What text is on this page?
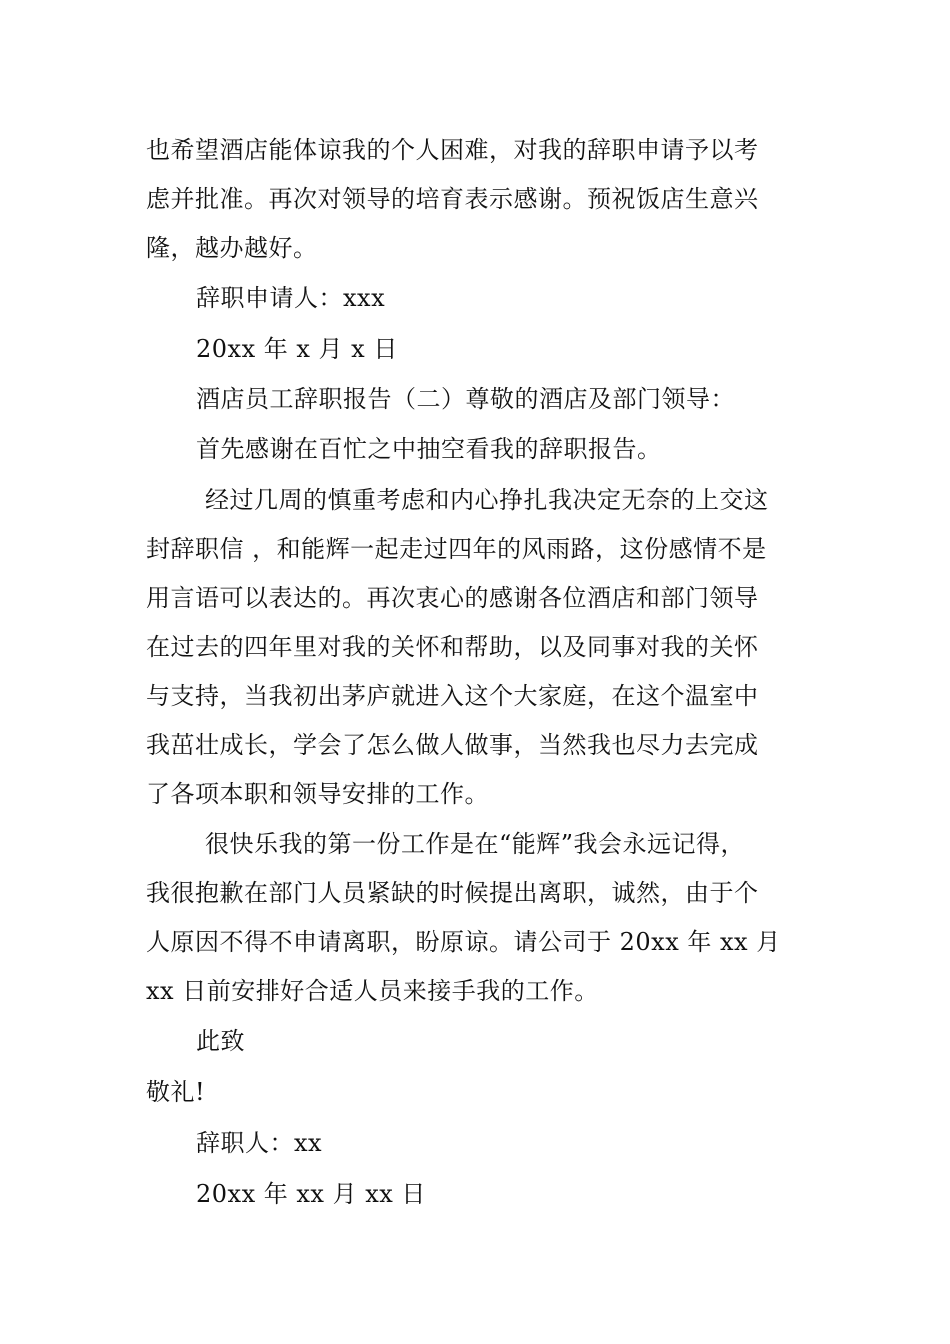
也希望酒店能体谅我的个人困难，对我的辞职申请予以考
虑并批准。再次对领导的培育表示感谢。预祝饭店生意兴
隆，越办越好。
辞职申请人：xxx
20xx 年 x 月 x 日
酒店员工辞职报告（二）尊敬的酒店及部门领导：
首先感谢在百忙之中抽空看我的辞职报告。
经过几周的慎重考虑和内心挣扎我决定无奈的上交这
封辞职信 ，和能辉一起走过四年的风雨路，这份感情不是
用言语可以表达的。再次衷心的感谢各位酒店和部门领导
在过去的四年里对我的关怀和帮助，以及同事对我的关怀
与支持，当我初出茅庐就进入这个大家庭，在这个温室中
我茁壮成长，学会了怎么做人做事，当然我也尽力去完成
了各项本职和领导安排的工作。
很快乐我的第一份工作是在“能辉”我会永远记得，
我很抱歉在部门人员紧缺的时候提出离职，诚然，由于个
人原因不得不申请离职，盼原谅。请公司于 20xx 年 xx 月
xx 日前安排好合适人员来接手我的工作。
此致
敬礼!
辞职人：xx
20xx 年 xx 月 xx 日
